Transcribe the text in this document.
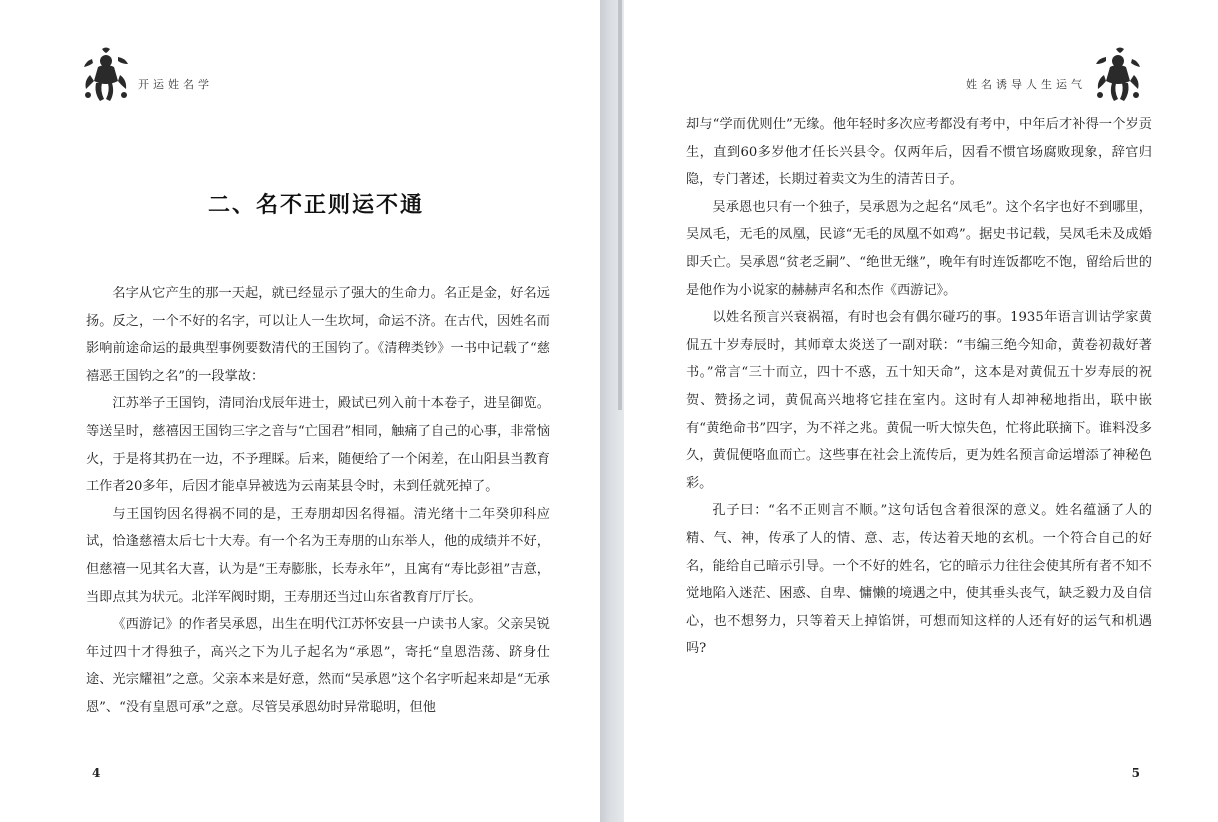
开运姓名学
二、名不正则运不通

名字从它产生的那一天起，就已经显示了强大的生命力。名正是金，好名远扬。反之，一个不好的名字，可以让人一生坎坷，命运不济。在古代，因姓名而影响前途命运的最典型事例要数清代的王国钧了。《清稗类钞》一书中记载了“慈禧恶王国钧之名”的一段掌故：

江苏举子王国钧，清同治戊辰年进士，殿试已列入前十本卷子，进呈御览。等送呈时，慈禧因王国钧三字之音与“亡国君”相同，触痛了自己的心事，非常恼火，于是将其扔在一边，不予理睬。后来，随便给了一个闲差，在山阳县当教育工作者20多年，后因才能卓异被选为云南某县令时，未到任就死掉了。

与王国钧因名得祸不同的是，王寿朋却因名得福。清光绪十二年癸卯科应试，恰逢慈禧太后七十大寿。有一个名为王寿朋的山东举人，他的成绩并不好，但慈禧一见其名大喜，认为是“王寿膨胀，长寿永年”，且寓有“寿比彭祖”吉意，当即点其为状元。北洋军阀时期，王寿朋还当过山东省教育厅厅长。

《西游记》的作者吴承恩，出生在明代江苏怀安县一户读书人家。父亲吴锐年过四十才得独子，高兴之下为儿子起名为“承恩”，寄托“皇恩浩荡、跻身仕途、光宗耀祖”之意。父亲本来是好意，然而“吴承恩”这个名字听起来却是“无承恩”、“没有皇恩可承”之意。尽管吴承恩幼时异常聪明，但他

4
姓名诱导人生运气

却与“学而优则仕”无缘。他年轻时多次应考都没有考中，中年后才补得一个岁贡生，直到60多岁他才任长兴县令。仅两年后，因看不惯官场腐败现象，辞官归隐，专门著述，长期过着卖文为生的清苦日子。

吴承恩也只有一个独子，吴承恩为之起名“凤毛”。这个名字也好不到哪里，吴凤毛，无毛的凤凰，民谚“无毛的凤凰不如鸡”。据史书记载，吴凤毛未及成婚即夭亡。吴承恩“贫老乏嗣”、“绝世无继”，晚年有时连饭都吃不饱，留给后世的是他作为小说家的赫赫声名和杰作《西游记》。

以姓名预言兴衰祸福，有时也会有偶尔碰巧的事。1935年语言训诂学家黄侃五十岁寿辰时，其师章太炎送了一副对联：“韦编三绝今知命，黄卷初裁好著书。”常言“三十而立，四十不惑，五十知天命”，这本是对黄侃五十岁寿辰的祝贺、赞扬之词，黄侃高兴地将它挂在室内。这时有人却神秘地指出，联中嵌有“黄绝命书”四字，为不祥之兆。黄侃一听大惊失色，忙将此联摘下。谁料没多久，黄侃便咯血而亡。这些事在社会上流传后，更为姓名预言命运增添了神秘色彩。

孔子曰：“名不正则言不顺。”这句话包含着很深的意义。姓名蕴涵了人的精、气、神，传承了人的情、意、志，传达着天地的玄机。一个符合自己的好名，能给自己暗示引导。一个不好的姓名，它的暗示力往往会使其所有者不知不觉地陷入迷茫、困惑、自卑、慵懒的境遇之中，使其垂头丧气，缺乏毅力及自信心，也不想努力，只等着天上掉馅饼，可想而知这样的人还有好的运气和机遇吗?

5
